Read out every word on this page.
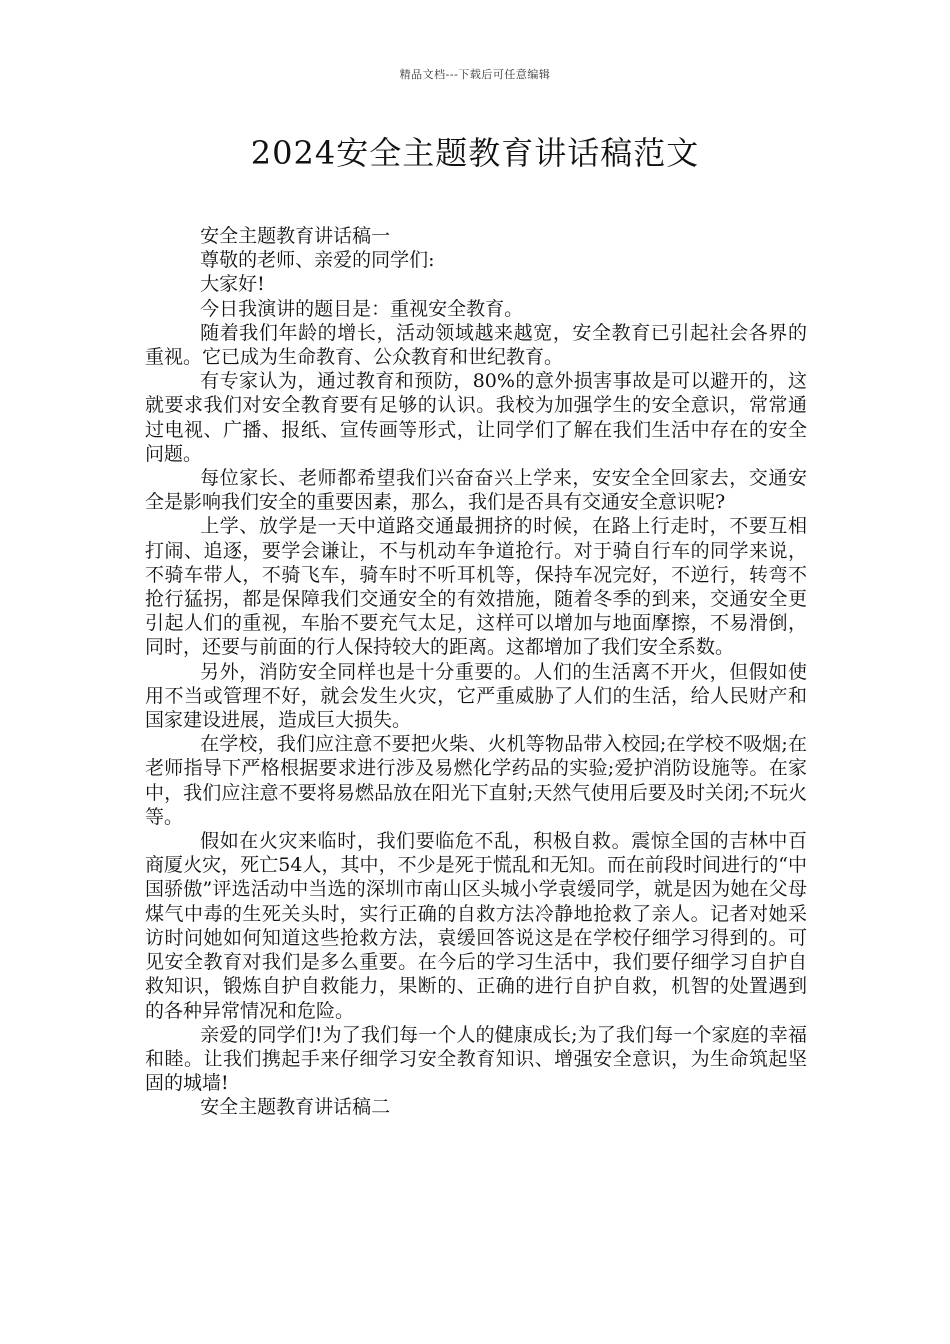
精品文档---下载后可任意编辑
2024安全主题教育讲话稿范文

安全主题教育讲话稿一

尊敬的老师、亲爱的同学们:

大家好!

今日我演讲的题目是：重视安全教育。

随着我们年龄的增长，活动领域越来越宽，安全教育已引起社会各界的重视。它已成为生命教育、公众教育和世纪教育。

有专家认为，通过教育和预防，80%的意外损害事故是可以避开的，这就要求我们对安全教育要有足够的认识。我校为加强学生的安全意识，常常通过电视、广播、报纸、宣传画等形式，让同学们了解在我们生活中存在的安全问题。

每位家长、老师都希望我们兴奋奋兴上学来，安安全全回家去，交通安全是影响我们安全的重要因素，那么，我们是否具有交通安全意识呢?

上学、放学是一天中道路交通最拥挤的时候，在路上行走时，不要互相打闹、追逐，要学会谦让，不与机动车争道抢行。对于骑自行车的同学来说，不骑车带人，不骑飞车，骑车时不听耳机等，保持车况完好，不逆行，转弯不抢行猛拐，都是保障我们交通安全的有效措施，随着冬季的到来，交通安全更引起人们的重视，车胎不要充气太足，这样可以增加与地面摩擦，不易滑倒，同时，还要与前面的行人保持较大的距离。这都增加了我们安全系数。

另外，消防安全同样也是十分重要的。人们的生活离不开火，但假如使用不当或管理不好，就会发生火灾，它严重威胁了人们的生活，给人民财产和国家建设进展，造成巨大损失。

在学校，我们应注意不要把火柴、火机等物品带入校园;在学校不吸烟;在老师指导下严格根据要求进行涉及易燃化学药品的实验;爱护消防设施等。在家中，我们应注意不要将易燃品放在阳光下直射;天然气使用后要及时关闭;不玩火等。

假如在火灾来临时，我们要临危不乱，积极自救。震惊全国的吉林中百商厦火灾，死亡54人，其中，不少是死于慌乱和无知。而在前段时间进行的“中国骄傲”评选活动中当选的深圳市南山区头城小学袁缓同学，就是因为她在父母煤气中毒的生死关头时，实行正确的自救方法冷静地抢救了亲人。记者对她采访时问她如何知道这些抢救方法，袁缓回答说这是在学校仔细学习得到的。可见安全教育对我们是多么重要。在今后的学习生活中，我们要仔细学习自护自救知识，锻炼自护自救能力，果断的、正确的进行自护自救，机智的处置遇到的各种异常情况和危险。

亲爱的同学们!为了我们每一个人的健康成长;为了我们每一个家庭的幸福和睦。让我们携起手来仔细学习安全教育知识、增强安全意识，为生命筑起坚固的城墙!

安全主题教育讲话稿二
